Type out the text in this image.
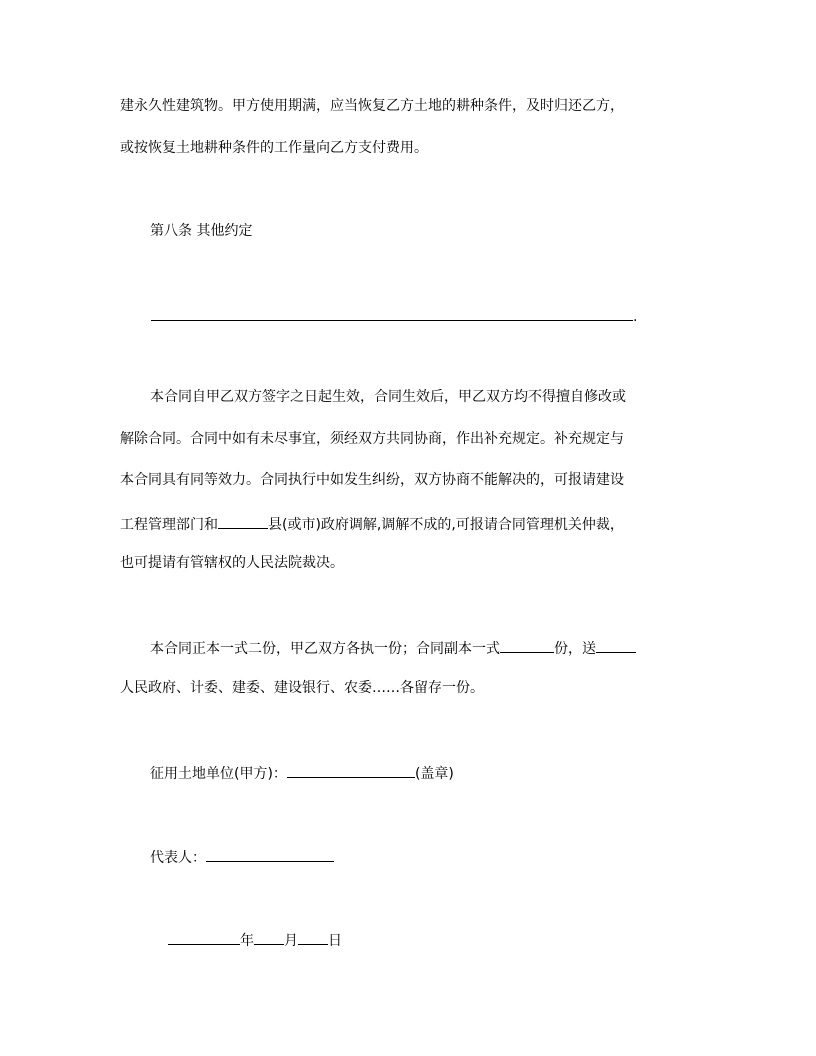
建永久性建筑物。甲方使用期满，应当恢复乙方土地的耕种条件，及时归还乙方，
或按恢复土地耕种条件的工作量向乙方支付费用。
第八条 其他约定
.
本合同自甲乙双方签字之日起生效，合同生效后，甲乙双方均不得擅自修改或
解除合同。合同中如有未尽事宜，须经双方共同协商，作出补充规定。补充规定与
本合同具有同等效力。合同执行中如发生纠纷，双方协商不能解决的，可报请建设
工程管理部门和	县(或市)政府调解,调解不成的,可报请合同管理机关仲裁，
也可提请有管辖权的人民法院裁决。
本合同正本一式二份，甲乙双方各执一份；合同副本一式	份，送
人民政府、计委、建委、建设银行、农委……各留存一份。
征用土地单位(甲方)：	(盖章)
代表人：
年 月 日
